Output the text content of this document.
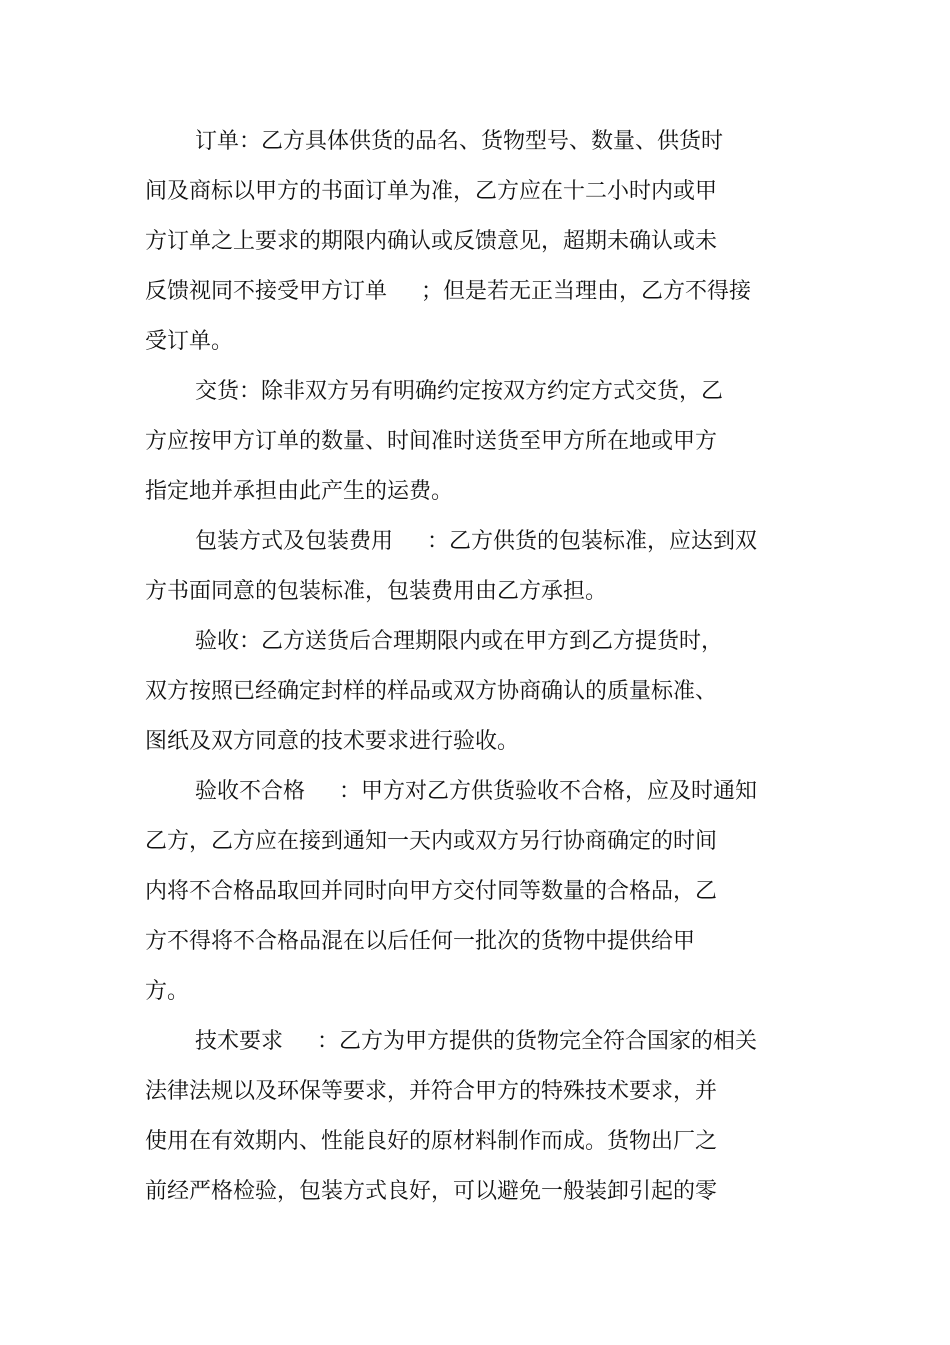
订单：乙方具体供货的品名、货物型号、数量、供货时
间及商标以甲方的书面订单为准，乙方应在十二小时内或甲
方订单之上要求的期限内确认或反馈意见，超期未确认或未
反馈视同不接受甲方订单 ；但是若无正当理由，乙方不得接
受订单。
交货：除非双方另有明确约定按双方约定方式交货，乙
方应按甲方订单的数量、时间准时送货至甲方所在地或甲方
指定地并承担由此产生的运费。
包装方式及包装费用 ：乙方供货的包装标准，应达到双
方书面同意的包装标准，包装费用由乙方承担。
验收：乙方送货后合理期限内或在甲方到乙方提货时，
双方按照已经确定封样的样品或双方协商确认的质量标准、
图纸及双方同意的技术要求进行验收。
验收不合格 ：甲方对乙方供货验收不合格，应及时通知
乙方，乙方应在接到通知一天内或双方另行协商确定的时间
内将不合格品取回并同时向甲方交付同等数量的合格品，乙
方不得将不合格品混在以后任何一批次的货物中提供给甲
方。
技术要求 ：乙方为甲方提供的货物完全符合国家的相关
法律法规以及环保等要求，并符合甲方的特殊技术要求，并
使用在有效期内、性能良好的原材料制作而成。货物出厂之
前经严格检验，包装方式良好，可以避免一般装卸引起的零
